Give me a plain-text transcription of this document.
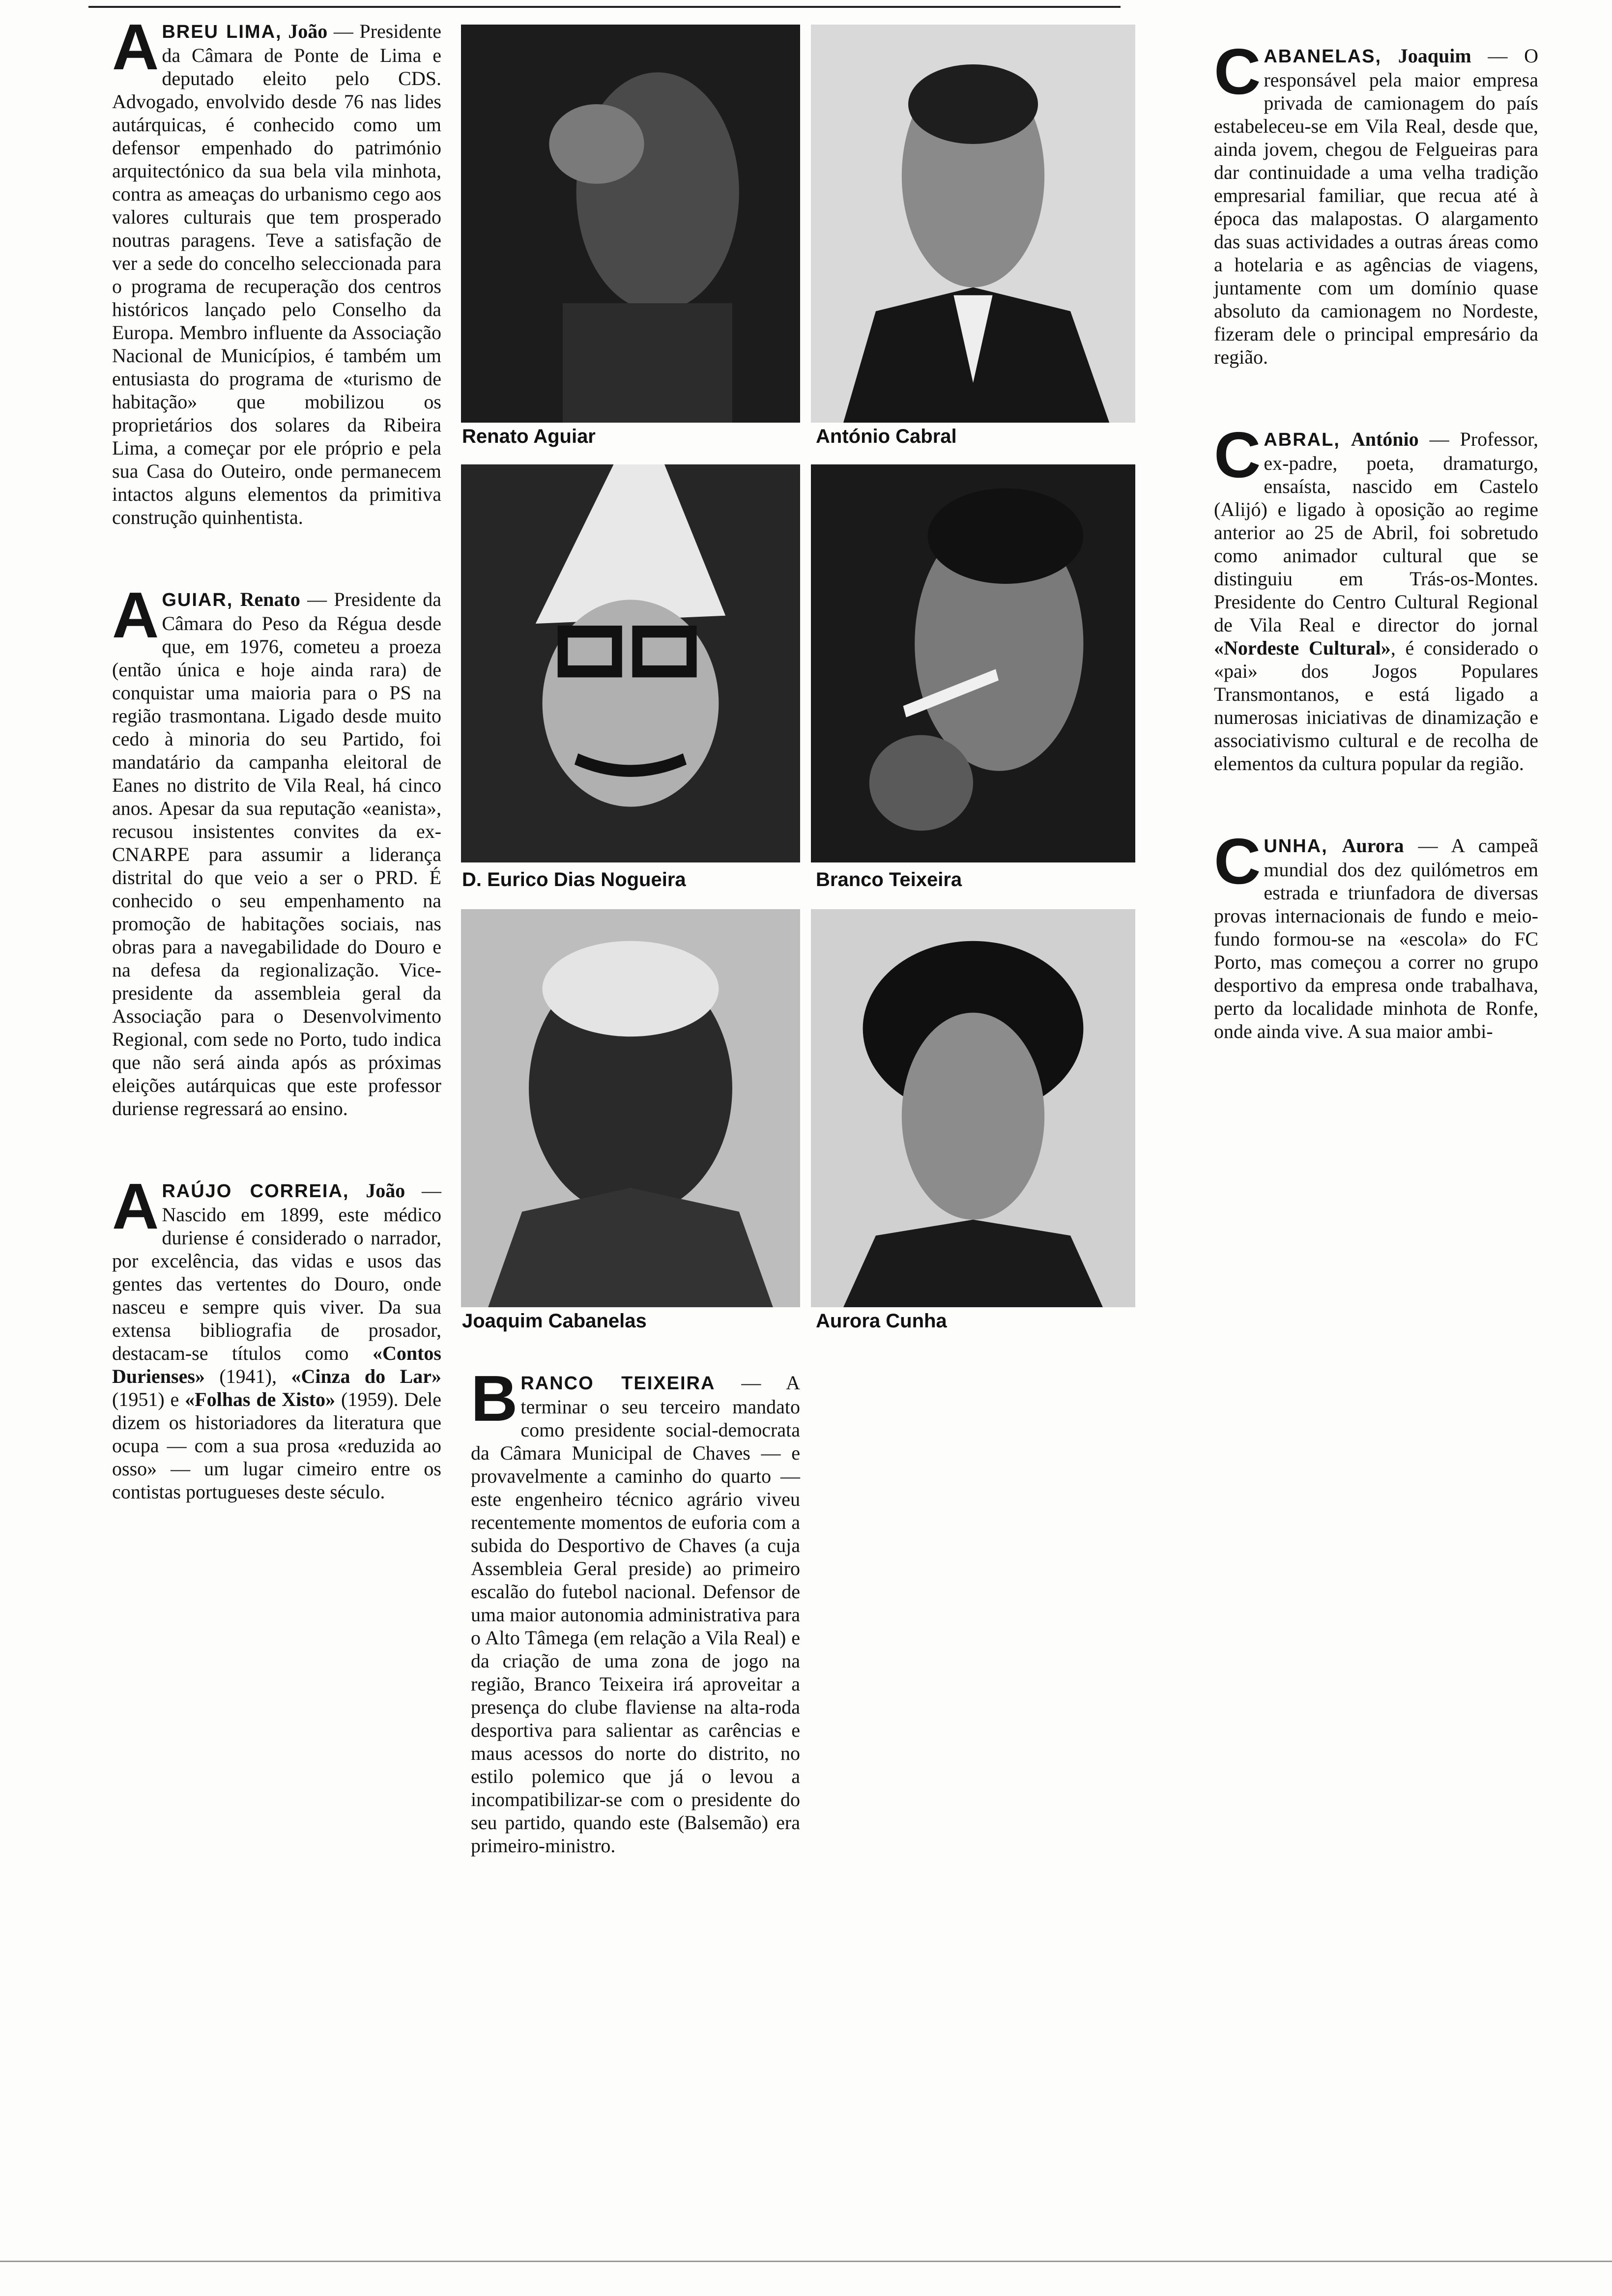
A BREU LIMA, João — Presidente da Câmara de Ponte de Lima e deputado eleito pelo CDS. Advogado, envolvido desde 76 nas lides autárquicas, é conhecido como um defensor empenhado do património arquitectónico da sua bela vila minhota, contra as ameaças do urbanismo cego aos valores culturais que tem prosperado noutras paragens. Teve a satisfação de ver a sede do concelho seleccionada para o programa de recuperação dos centros históricos lançado pelo Conselho da Europa. Membro influente da Associação Nacional de Municípios, é também um entusiasta do programa de «turismo de habitação» que mobilizou os proprietários dos solares da Ribeira Lima, a começar por ele próprio e pela sua Casa do Outeiro, onde permanecem intactos alguns elementos da primitiva construção quinhentista.

A GUIAR, Renato — Presidente da Câmara do Peso da Régua desde que, em 1976, cometeu a proeza (então única e hoje ainda rara) de conquistar uma maioria para o PS na região trasmontana. Ligado desde muito cedo à minoria do seu Partido, foi mandatário da campanha eleitoral de Eanes no distrito de Vila Real, há cinco anos. Apesar da sua reputação «eanista», recusou insistentes convites da ex-CNARPE para assumir a liderança distrital do que veio a ser o PRD. É conhecido o seu empenhamento na promoção de habitações sociais, nas obras para a navegabilidade do Douro e na defesa da regionalização. Vice-presidente da assembleia geral da Associação para o Desenvolvimento Regional, com sede no Porto, tudo indica que não será ainda após as próximas eleições autárquicas que este professor duriense regressará ao ensino.

A RAÚJO CORREIA, João — Nascido em 1899, este médico duriense é considerado o narrador, por excelência, das vidas e usos das gentes das vertentes do Douro, onde nasceu e sempre quis viver. Da sua extensa bibliografia de prosador, destacam-se títulos como «Contos Durienses» (1941), «Cinza do Lar» (1951) e «Folhas de Xisto» (1959). Dele dizem os historiadores da literatura que ocupa — com a sua prosa «reduzida ao osso» — um lugar cimeiro entre os contistas portugueses deste século.

Renato Aguiar	António Cabral
D. Eurico Dias Nogueira	Branco Teixeira
Joaquim Cabanelas	Aurora Cunha

B RANCO TEIXEIRA — A terminar o seu terceiro mandato como presidente social-democrata da Câmara Municipal de Chaves — e provavelmente a caminho do quarto — este engenheiro técnico agrário viveu recentemente momentos de euforia com a subida do Desportivo de Chaves (a cuja Assembleia Geral preside) ao primeiro escalão do futebol nacional. Defensor de uma maior autonomia administrativa para o Alto Tâmega (em relação a Vila Real) e da criação de uma zona de jogo na região, Branco Teixeira irá aproveitar a presença do clube flaviense na alta-roda desportiva para salientar as carências e maus acessos do norte do distrito, no estilo polemico que já o levou a incompatibilizar-se com o presidente do seu partido, quando este (Balsemão) era primeiro-ministro.

C ABANELAS, Joaquim — O responsável pela maior empresa privada de camionagem do país estabeleceu-se em Vila Real, desde que, ainda jovem, chegou de Felgueiras para dar continuidade a uma velha tradição empresarial familiar, que recua até à época das malapostas. O alargamento das suas actividades a outras áreas como a hotelaria e as agências de viagens, juntamente com um domínio quase absoluto da camionagem no Nordeste, fizeram dele o principal empresário da região.

C ABRAL, António — Professor, ex-padre, poeta, dramaturgo, ensaísta, nascido em Castelo (Alijó) e ligado à oposição ao regime anterior ao 25 de Abril, foi sobretudo como animador cultural que se distinguiu em Trás-os-Montes. Presidente do Centro Cultural Regional de Vila Real e director do jornal «Nordeste Cultural», é considerado o «pai» dos Jogos Populares Transmontanos, e está ligado a numerosas iniciativas de dinamização e associativismo cultural e de recolha de elementos da cultura popular da região.

C UNHA, Aurora — A campeã mundial dos dez quilómetros em estrada e triunfadora de diversas provas internacionais de fundo e meio-fundo formou-se na «escola» do FC Porto, mas começou a correr no grupo desportivo da empresa onde trabalhava, perto da localidade minhota de Ronfe, onde ainda vive. A sua maior ambi-
